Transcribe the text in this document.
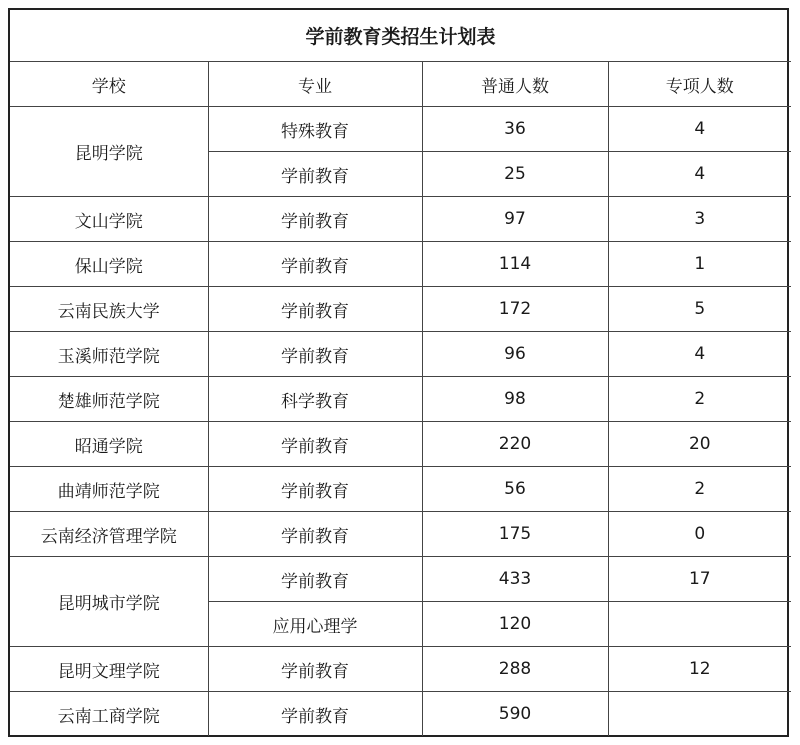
学前教育类招生计划表			
学校	专业	普通人数	专项人数
昆明学院	特殊教育	36	4
	学前教育	25	4
文山学院	学前教育	97	3
保山学院	学前教育	114	1
云南民族大学	学前教育	172	5
玉溪师范学院	学前教育	96	4
楚雄师范学院	科学教育	98	2
昭通学院	学前教育	220	20
曲靖师范学院	学前教育	56	2
云南经济管理学院	学前教育	175	0
昆明城市学院	学前教育	433	17
	应用心理学	120	
昆明文理学院	学前教育	288	12
云南工商学院	学前教育	590	
